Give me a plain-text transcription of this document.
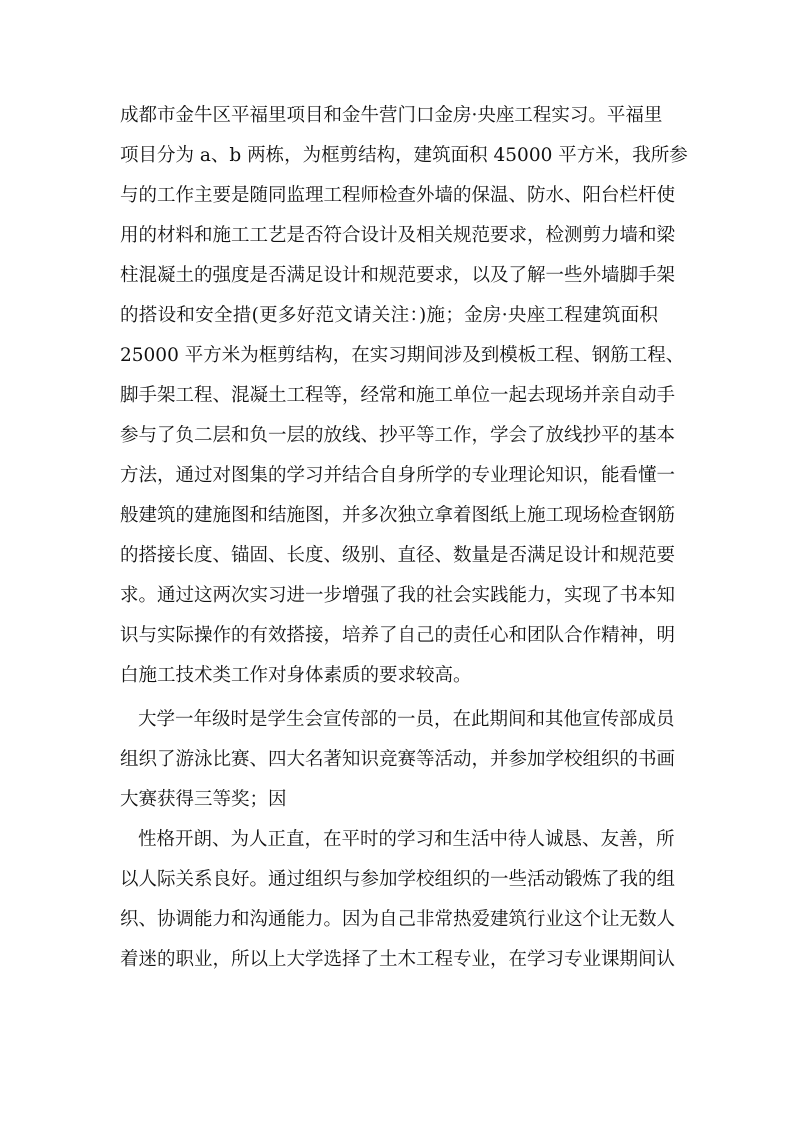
成都市金牛区平福里项目和金牛营门口金房·央座工程实习。平福里
项目分为 a、b 两栋，为框剪结构，建筑面积 45000 平方米，我所参
与的工作主要是随同监理工程师检查外墙的保温、防水、阳台栏杆使
用的材料和施工工艺是否符合设计及相关规范要求，检测剪力墙和梁
柱混凝土的强度是否满足设计和规范要求，以及了解一些外墙脚手架
的搭设和安全措(更多好范文请关注：)施；金房·央座工程建筑面积
25000 平方米为框剪结构，在实习期间涉及到模板工程、钢筋工程、
脚手架工程、混凝土工程等，经常和施工单位一起去现场并亲自动手
参与了负二层和负一层的放线、抄平等工作，学会了放线抄平的基本
方法，通过对图集的学习并结合自身所学的专业理论知识，能看懂一
般建筑的建施图和结施图，并多次独立拿着图纸上施工现场检查钢筋
的搭接长度、锚固、长度、级别、直径、数量是否满足设计和规范要
求。通过这两次实习进一步增强了我的社会实践能力，实现了书本知
识与实际操作的有效搭接，培养了自己的责任心和团队合作精神，明
白施工技术类工作对身体素质的要求较高。
大学一年级时是学生会宣传部的一员，在此期间和其他宣传部成员
组织了游泳比赛、四大名著知识竞赛等活动，并参加学校组织的书画
大赛获得三等奖；因
性格开朗、为人正直，在平时的学习和生活中待人诚恳、友善，所
以人际关系良好。通过组织与参加学校组织的一些活动锻炼了我的组
织、协调能力和沟通能力。因为自己非常热爱建筑行业这个让无数人
着迷的职业，所以上大学选择了土木工程专业，在学习专业课期间认
